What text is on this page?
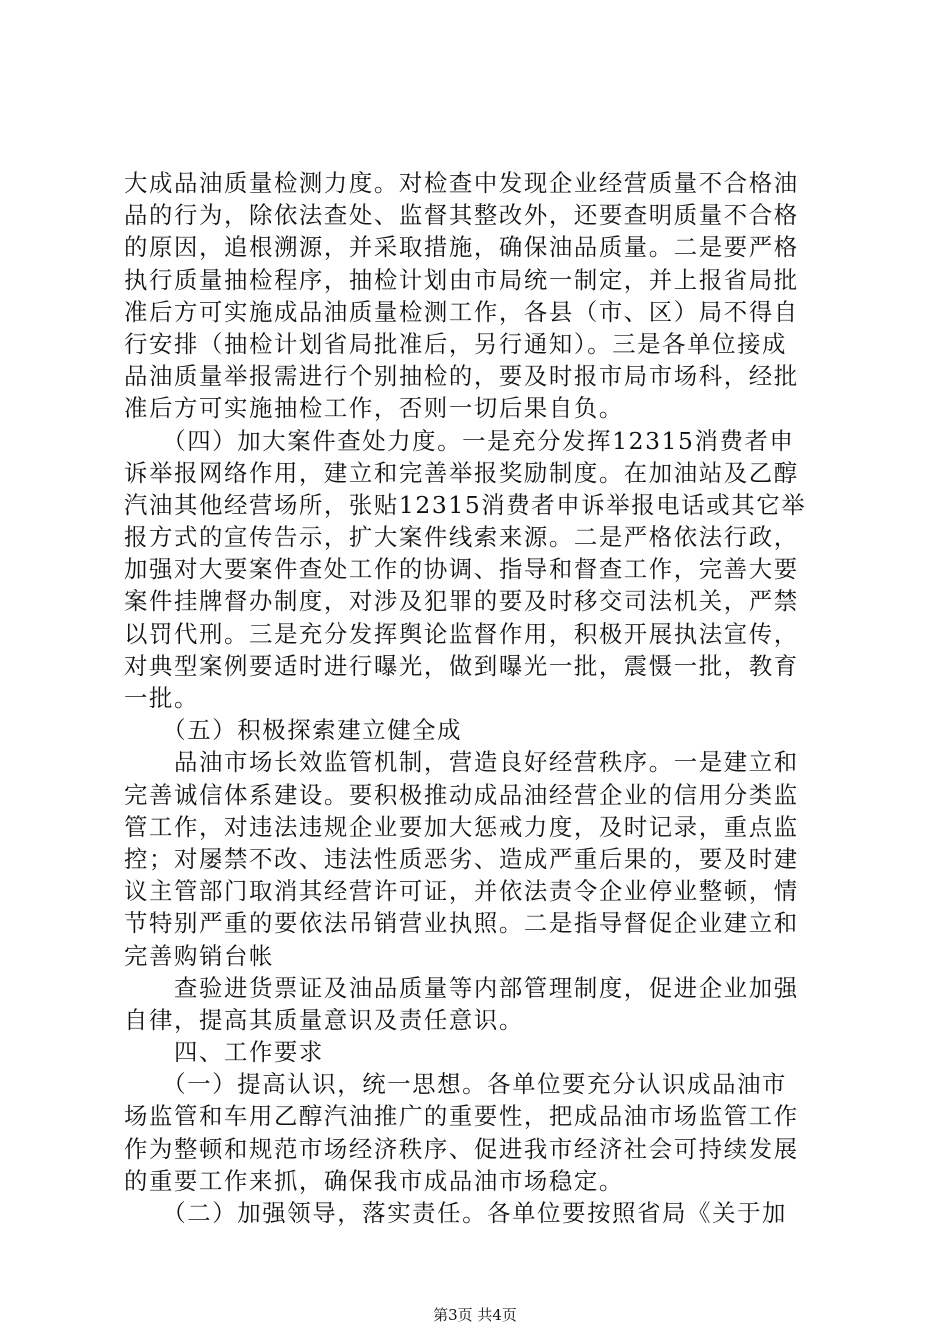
大成品油质量检测力度。对检查中发现企业经营质量不合格油
品的行为，除依法查处、监督其整改外，还要查明质量不合格
的原因，追根溯源，并采取措施，确保油品质量。二是要严格
执行质量抽检程序，抽检计划由市局统一制定，并上报省局批
准后方可实施成品油质量检测工作，各县（市、区）局不得自
行安排（抽检计划省局批准后，另行通知）。三是各单位接成
品油质量举报需进行个别抽检的，要及时报市局市场科，经批
准后方可实施抽检工作，否则一切后果自负。
　　（四）加大案件查处力度。一是充分发挥12315消费者申
诉举报网络作用，建立和完善举报奖励制度。在加油站及乙醇
汽油其他经营场所，张贴12315消费者申诉举报电话或其它举
报方式的宣传告示，扩大案件线索来源。二是严格依法行政，
加强对大要案件查处工作的协调、指导和督查工作，完善大要
案件挂牌督办制度，对涉及犯罪的要及时移交司法机关，严禁
以罚代刑。三是充分发挥舆论监督作用，积极开展执法宣传，
对典型案例要适时进行曝光，做到曝光一批，震慑一批，教育
一批。
　　（五）积极探索建立健全成
　　品油市场长效监管机制，营造良好经营秩序。一是建立和
完善诚信体系建设。要积极推动成品油经营企业的信用分类监
管工作，对违法违规企业要加大惩戒力度，及时记录，重点监
控；对屡禁不改、违法性质恶劣、造成严重后果的，要及时建
议主管部门取消其经营许可证，并依法责令企业停业整顿，情
节特别严重的要依法吊销营业执照。二是指导督促企业建立和
完善购销台帐
　　查验进货票证及油品质量等内部管理制度，促进企业加强
自律，提高其质量意识及责任意识。
　　四、工作要求
　　（一）提高认识，统一思想。各单位要充分认识成品油市
场监管和车用乙醇汽油推广的重要性，把成品油市场监管工作
作为整顿和规范市场经济秩序、促进我市经济社会可持续发展
的重要工作来抓，确保我市成品油市场稳定。
　　（二）加强领导，落实责任。各单位要按照省局《关于加
第3页 共4页
